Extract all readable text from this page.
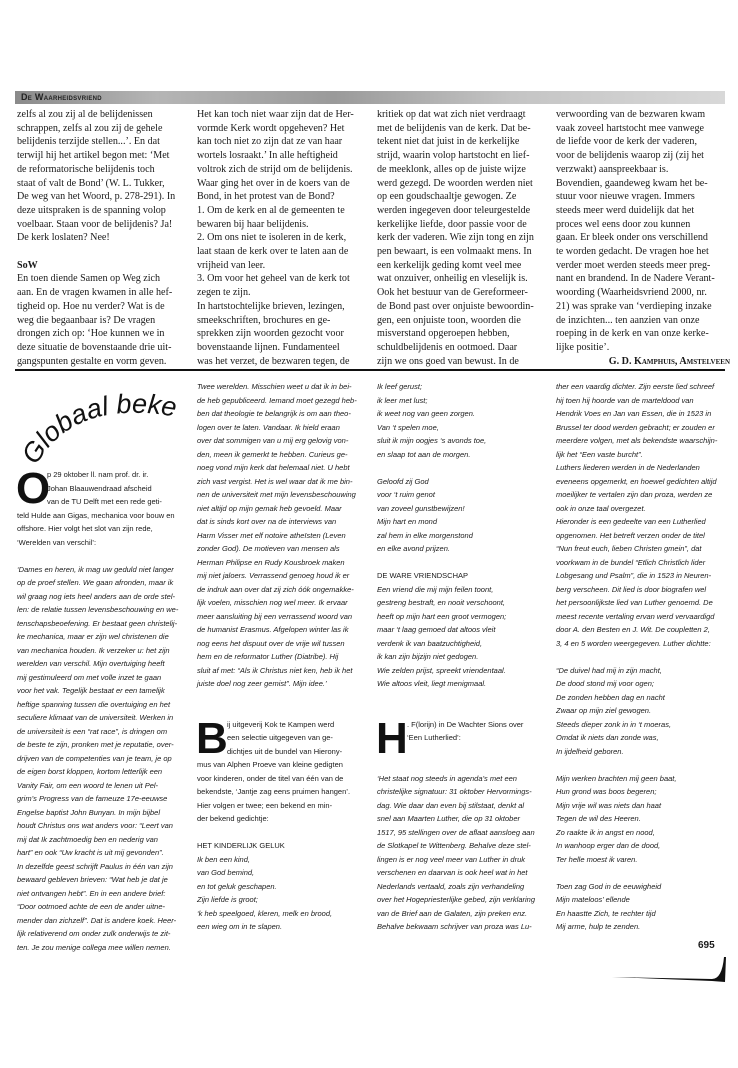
De Waarheidsvriend
zelfs al zou zij al de belijdenissen
schrappen, zelfs al zou zij de gehele
belijdenis terzijde stellen...’. En dat
terwijl hij het artikel begon met: ‘Met
de reformatorische belijdenis toch
staat of valt de Bond’ (W. L. Tukker,
De weg van het Woord, p. 278-291). In
deze uitspraken is de spanning volop
voelbaar. Staan voor de belijdenis? Ja!
De kerk loslaten? Nee!
SoW
En toen diende Samen op Weg zich
aan. En de vragen kwamen in alle hef-
tigheid op. Hoe nu verder? Wat is de
weg die begaanbaar is? De vragen
drongen zich op: ‘Hoe kunnen we in
deze situatie de bovenstaande drie uit-
gangspunten gestalte en vorm geven.
Het kan toch niet waar zijn dat de Her-
vormde Kerk wordt opgeheven? Het
kan toch niet zo zijn dat ze van haar
wortels losraakt.’ In alle heftigheid
voltrok zich de strijd om de belijdenis.
Waar ging het over in de koers van de
Bond, in het protest van de Bond?
1. Om de kerk en al de gemeenten te
bewaren bij haar belijdenis.
2. Om ons niet te isoleren in de kerk,
laat staan de kerk over te laten aan de
vrijheid van leer.
3. Om voor het geheel van de kerk tot
zegen te zijn.
In hartstochtelijke brieven, lezingen,
smeekschriften, brochures en ge-
sprekken zijn woorden gezocht voor
bovenstaande lijnen. Fundamenteel
was het verzet, de bezwaren tegen, de
kritiek op dat wat zich niet verdraagt
met de belijdenis van de kerk. Dat be-
tekent niet dat juist in de kerkelijke
strijd, waarin volop hartstocht en lief-
de meeklonk, alles op de juiste wijze
werd gezegd. De woorden werden niet
op een goudschaaltje gewogen. Ze
werden ingegeven door teleurgestelde
kerkelijke liefde, door passie voor de
kerk der vaderen. Wie zijn tong en zijn
pen bewaart, is een volmaakt mens. In
een kerkelijk geding komt veel mee
wat onzuiver, onheilig en vleselijk is.
Ook het bestuur van de Gereformeer-
de Bond past over onjuiste bewoordin-
gen, een onjuiste toon, woorden die
misverstand opgeroepen hebben,
schuldbelijdenis en ootmoed. Daar
zijn we ons goed van bewust. In de
verwoording van de bezwaren kwam
vaak zoveel hartstocht mee vanwege
de liefde voor de kerk der vaderen,
voor de belijdenis waarop zij (zij het
verzwakt) aanspreekbaar is.
Bovendien, gaandeweg kwam het be-
stuur voor nieuwe vragen. Immers
steeds meer werd duidelijk dat het
proces wel eens door zou kunnen
gaan. Er bleek onder ons verschillend
te worden gedacht. De vragen hoe het
verder moet werden steeds meer preg-
nant en brandend. In de Nadere Verant-
woording (Waarheidsvriend 2000, nr.
21) was sprake van ‘verdieping inzake
de inzichten... ten aanzien van onze
roeping in de kerk en van onze kerke-
lijke positie’.
G. D. Kamphuis, Amstelveen
Globaal beke
O
p 29 oktober ll. nam prof. dr. ir.
Johan Blaauwendraad afscheid
van de TU Delft met een rede geti-
teld Hulde aan Gigas, mechanica voor bouw en
offshore. Hier volgt het slot van zijn rede,
‘Werelden van verschil’:
‘Dames en heren, ik mag uw geduld niet langer
op de proef stellen. We gaan afronden, maar ik
wil graag nog iets heel anders aan de orde stel-
len: de relatie tussen levensbeschouwing en we-
tenschapsbeoefening. Er bestaat geen christelij-
ke mechanica, maar er zijn wel christenen die
van mechanica houden. Ik verzeker u: het zijn
werelden van verschil. Mijn overtuiging heeft
mij gestimuleerd om met volle inzet te gaan
voor het vak. Tegelijk bestaat er een tamelijk
heftige spanning tussen die overtuiging en het
seculiere klimaat van de universiteit. Werken in
de universiteit is een “rat race”, is dringen om
de beste te zijn, pronken met je reputatie, over-
drijven van de competenties van je team, je op
de eigen borst kloppen, kortom letterlijk een
Vanity Fair, om een woord te lenen uit Pel-
grim’s Progress van de fameuze 17e-eeuwse
Engelse baptist John Bunyan. In mijn bijbel
houdt Christus ons wat anders voor: “Leert van
mij dat Ik zachtmoedig ben en nederig van
hart” en ook “Uw kracht is uit mij gevonden”.
In dezelfde geest schrijft Paulus in één van zijn
bewaard gebleven brieven: “Wat heb je dat je
niet ontvangen hebt”. En in een andere brief:
“Door ootmoed achte de een de ander uitne-
mender dan zichzelf”. Dat is andere koek. Heer-
lijk relativerend om onder zulk onderwijs te zit-
ten. Je zou menige collega mee willen nemen.
Twee werelden. Misschien weet u dat ik in bei-
de heb gepubliceerd. Iemand moet gezegd heb-
ben dat theologie te belangrijk is om aan theo-
logen over te laten. Vandaar. Ik hield eraan
over dat sommigen van u mij erg gelovig von-
den, meen ik gemerkt te hebben. Curieus ge-
noeg vond mijn kerk dat helemaal niet. U hebt
zich vast vergist. Het is wel waar dat ik me bin-
nen de universiteit met mijn levensbeschouwing
niet altijd op mijn gemak heb gevoeld. Maar
dat is sinds kort over na de interviews van
Harm Visser met elf notoire atheïsten (Leven
zonder God). De motieven van mensen als
Herman Philipse en Rudy Kousbroek maken
mij niet jaloers. Verrassend genoeg houd ik er
de indruk aan over dat zij zich óók ongemakke-
lijk voelen, misschien nog wel meer. Ik ervaar
meer aansluiting bij een verrassend woord van
de humanist Erasmus. Afgelopen winter las ik
nog eens het dispuut over de vrije wil tussen
hem en de reformator Luther (Diatribe). Hij
sluit af met: “Als ik Christus niet ken, heb ik het
juiste doel nog zeer gemist”. Mijn idee.’
B ij uitgeverij Kok te Kampen werd
een selectie uitgegeven van ge-
dichtjes uit de bundel van Hierony-
mus van Alphen Proeve van kleine gedigten
voor kinderen, onder de titel van één van de
bekendste, ‘Jantje zag eens pruimen hangen’.
Hier volgen er twee; een bekend en min-
der bekend gedichtje:
HET KINDERLIJK GELUK
Ik ben een kind,
van God bemind,
en tot geluk geschapen.
Zijn liefde is groot;
‘k heb speelgoed, kleren, melk en brood,
een wieg om in te slapen.
Ik leef gerust;
ik leer met lust;
ik weet nog van geen zorgen.
Van ‘t spelen moe,
sluit ik mijn oogjes ‘s avonds toe,
en slaap tot aan de morgen.
Geloofd zij God
voor ‘t ruim genot
van zoveel gunstbewijzen!
Mijn hart en mond
zal hem in elke morgenstond
en elke avond prijzen.
DE WARE VRIENDSCHAP
Een vriend die mij mijn feilen toont,
gestreng bestraft, en nooit verschoont,
heeft op mijn hart een groot vermogen;
maar ‘t laag gemoed dat altoos vleit
verdenk ik van baatzuchtigheid,
ik kan zijn bijzijn niet gedogen.
Wie zelden prijst, spreekt vriendentaal.
Wie altoos vleit, liegt menigmaal.
H . F(lorijn) in De Wachter Sions over
‘Een Lutherlied’:
‘Het staat nog steeds in agenda’s met een
christelijke signatuur: 31 oktober Hervormings-
dag. Wie daar dan even bij stilstaat, denkt al
snel aan Maarten Luther, die op 31 oktober
1517, 95 stellingen over de aflaat aansloeg aan
de Slotkapel te Wittenberg. Behalve deze stel-
lingen is er nog veel meer van Luther in druk
verschenen en daarvan is ook heel wat in het
Nederlands vertaald, zoals zijn verhandeling
over het Hogepriesterlijke gebed, zijn verklaring
van de Brief aan de Galaten, zijn preken enz.
Behalve bekwaam schrijver van proza was Lu-
ther een vaardig dichter. Zijn eerste lied schreef
hij toen hij hoorde van de marteldood van
Hendrik Voes en Jan van Essen, die in 1523 in
Brussel ter dood werden gebracht; er zouden er
meerdere volgen, met als bekendste waarschijn-
lijk het “Een vaste burcht”.
Luthers liederen werden in de Nederlanden
eveneens opgemerkt, en hoewel gedichten altijd
moeilijker te vertalen zijn dan proza, werden ze
ook in onze taal overgezet.
Hieronder is een gedeelte van een Lutherlied
opgenomen. Het betreft verzen onder de titel
“Nun freut euch, lieben Christen gmein”, dat
voorkwam in de bundel “Etlich Christlich lider
Lobgesang und Psalm”, die in 1523 in Neuren-
berg verscheen. Dit lied is door biografen wel
het persoonlijkste lied van Luther genoemd. De
meest recente vertaling ervan werd vervaardigd
door A. den Besten en J. Wit. De coupletten 2,
3, 4 en 5 worden weergegeven. Luther dichtte:
“De duivel had mij in zijn macht,
De dood stond mij voor ogen;
De zonden hebben dag en nacht
Zwaar op mijn ziel gewogen.
Steeds dieper zonk in in ‘t moeras,
Omdat ik niets dan zonde was,
In ijdelheid geboren.
Mijn werken brachten mij geen baat,
Hun grond was boos begeren;
Mijn vrije wil was niets dan haat
Tegen de wil des Heeren.
Zo raakte ik in angst en nood,
In wanhoop erger dan de dood,
Ter helle moest ik varen.
Toen zag God in de eeuwigheid
Mijn mateloos’ ellende
En haastte Zich, te rechter tijd
Mij arme, hulp te zenden.
695
